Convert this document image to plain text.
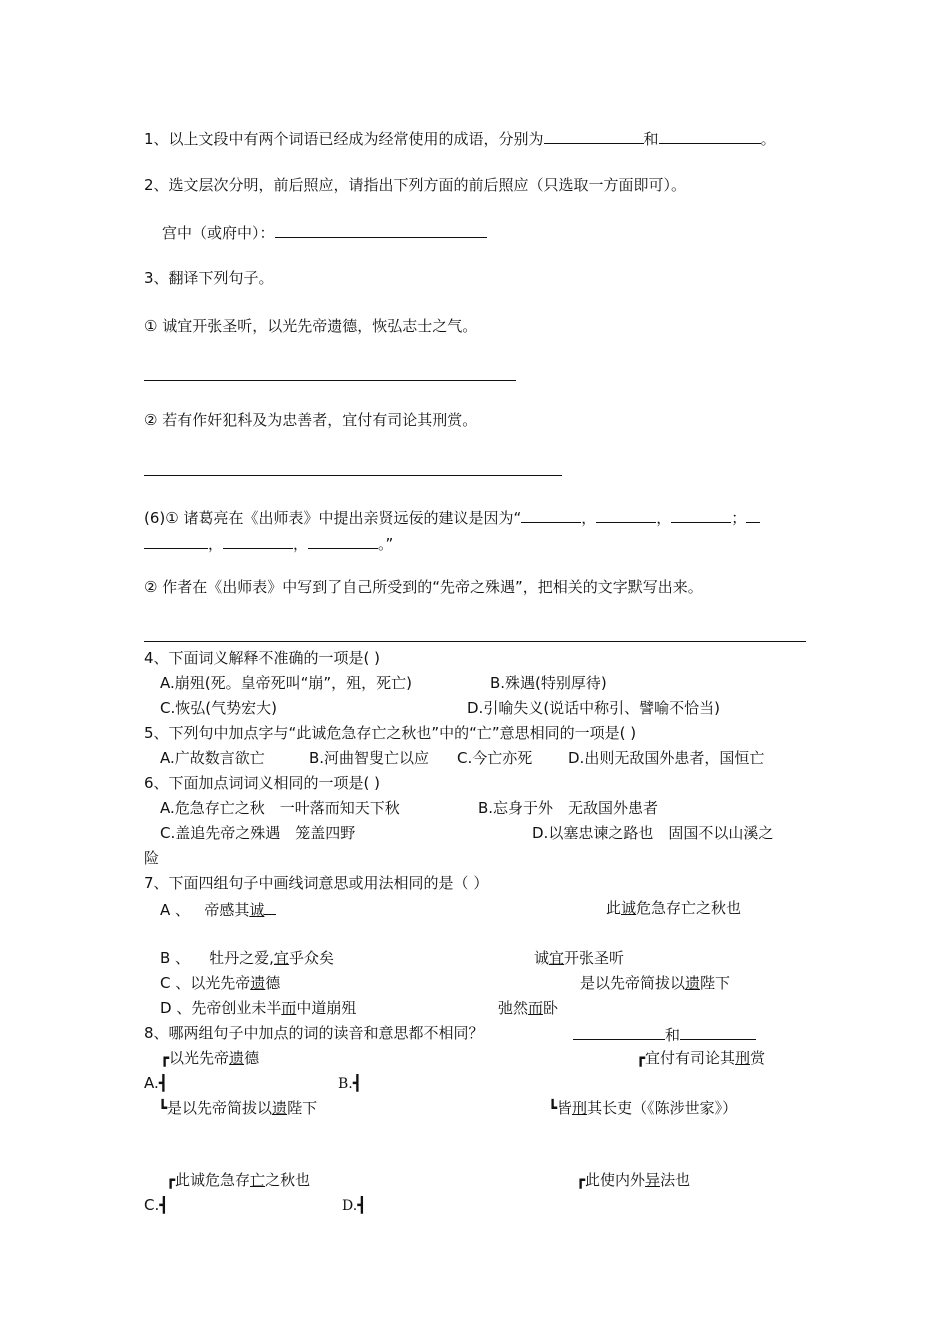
1、以上文段中有两个词语已经成为经常使用的成语，分别为	和	。
2、选文层次分明，前后照应，请指出下列方面的前后照应（只选取一方面即可）。
宫中（或府中）：
3、翻译下列句子。
① 诚宜开张圣听，以光先帝遗德，恢弘志士之气。
② 若有作奸犯科及为忠善者，宜付有司论其刑赏。
(6)① 诸葛亮在《出师表》中提出亲贤远佞的建议是因为“	，	，	；
，	，	。”
② 作者在《出师表》中写到了自己所受到的“先帝之殊遇”，把相关的文字默写出来。
4、下面词义解释不准确的一项是( )
A.崩殂(死。皇帝死叫“崩”，殂，死亡)	B.殊遇(特别厚待)
C.恢弘(气势宏大)	D.引喻失义(说话中称引、譬喻不恰当)
5、下列句中加点字与“此诚危急存亡之秋也”中的“亡”意思相同的一项是( )
A.广故数言欲亡	B.河曲智叟亡以应 C.今亡亦死 D.出则无敌国外患者，国恒亡
6、下面加点词词义相同的一项是( )
A.危急存亡之秋　一叶落而知天下秋	B.忘身于外　无敌国外患者
C.盖追先帝之殊遇　笼盖四野	D.以塞忠谏之路也　固国不以山溪之
险
7、下面四组句子中画线词意思或用法相同的是（ ）
A 、 帝感其诚	此诚危急存亡之秋也
B 、 牡丹之爱,宜乎众矣	诚宜开张圣听
C 、以光先帝遗德	是以先帝简拔以遗陛下
D 、先帝创业未半而中道崩殂	弛然而卧
8、哪两组句子中加点的词的读音和意思都不相同？	和
┏以光先帝遗德
A.┫
┗是以先帝简拔以遗陛下
┏宜付有司论其刑赏
B.┫
┗皆刑其长吏（《陈涉世家》）
┏此诚危急存亡之秋也
C.┫
┏此使内外异法也
D.┫
